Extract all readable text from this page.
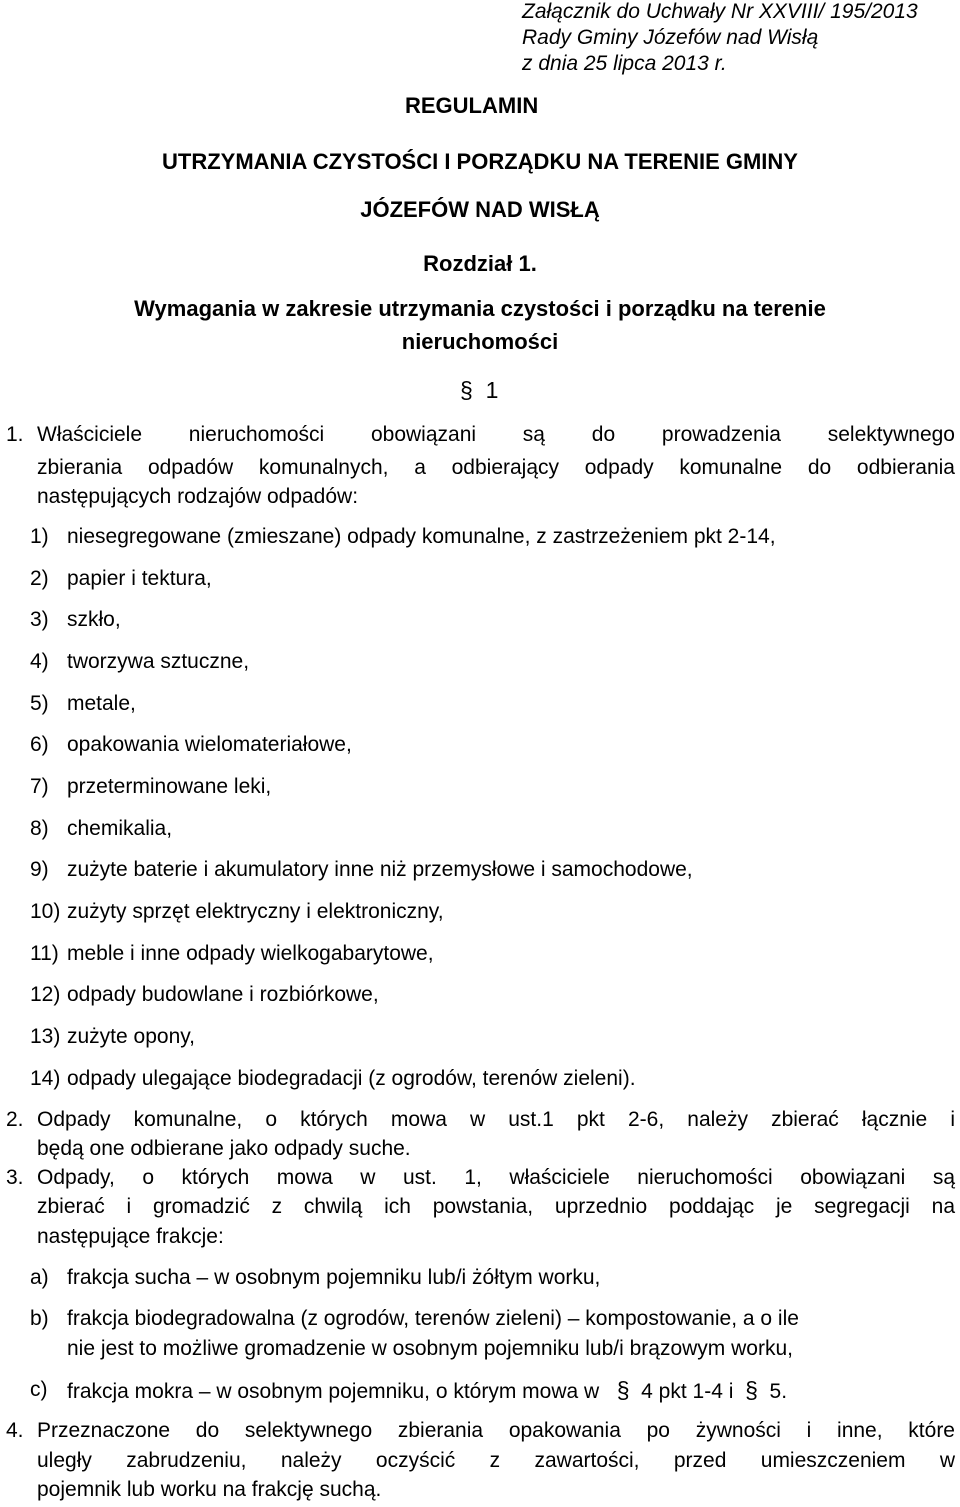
Załącznik do Uchwały Nr XXVIII/ 195/2013
Rady Gminy Józefów nad Wisłą
z dnia 25 lipca 2013 r.
REGULAMIN
UTRZYMANIA CZYSTOŚCI I PORZĄDKU NA TERENIE GMINY
JÓZEFÓW NAD WISŁĄ
Rozdział 1.
Wymagania w zakresie utrzymania czystości i porządku na terenie
nieruchomości
§ 1
1. Właściciele nieruchomości obowiązani są do prowadzenia selektywnego
zbierania odpadów komunalnych, a odbierający odpady komunalne do odbierania
następujących rodzajów odpadów:
1) niesegregowane (zmieszane) odpady komunalne, z zastrzeżeniem pkt 2-14,
2) papier i tektura,
3) szkło,
4) tworzywa sztuczne,
5) metale,
6) opakowania wielomateriałowe,
7) przeterminowane leki,
8) chemikalia,
9) zużyte baterie i akumulatory inne niż przemysłowe i samochodowe,
10) zużyty sprzęt elektryczny i elektroniczny,
11) meble i inne odpady wielkogabarytowe,
12) odpady budowlane i rozbiórkowe,
13) zużyte opony,
14) odpady ulegające biodegradacji (z ogrodów, terenów zieleni).
2. Odpady komunalne, o których mowa w ust.1 pkt 2-6, należy zbierać łącznie i
będą one odbierane jako odpady suche.
3. Odpady, o których mowa w ust. 1, właściciele nieruchomości obowiązani są
zbierać i gromadzić z chwilą ich powstania, uprzednio poddając je segregacji na
następujące frakcje:
a) frakcja sucha – w osobnym pojemniku lub/i żółtym worku,
b) frakcja biodegradowalna (z ogrodów, terenów zieleni) – kompostowanie, a o ile
nie jest to możliwe gromadzenie w osobnym pojemniku lub/i brązowym worku,
c) frakcja mokra – w osobnym pojemniku, o którym mowa w § 4 pkt 1-4 i § 5.
4. Przeznaczone do selektywnego zbierania opakowania po żywności i inne, które
uległy zabrudzeniu, należy oczyścić z zawartości, przed umieszczeniem w
pojemnik lub worku na frakcję suchą.
